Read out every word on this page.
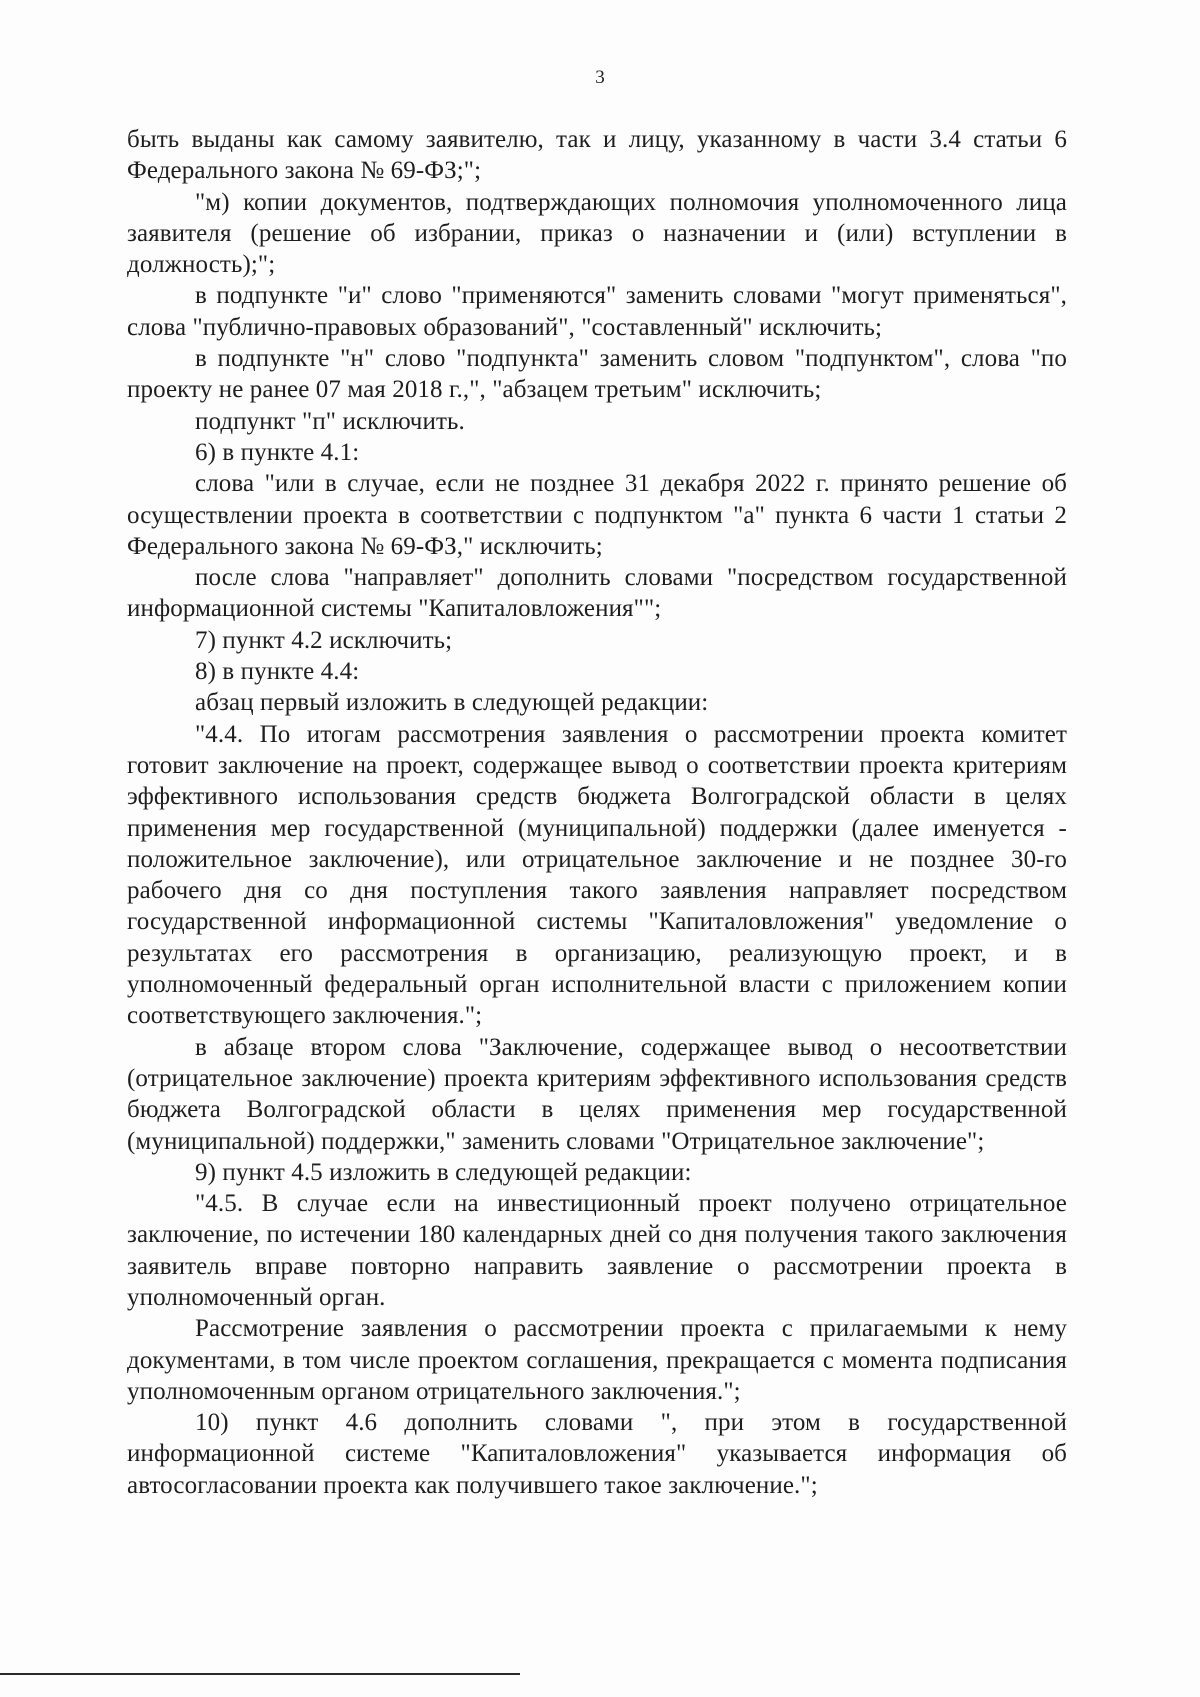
3

быть выданы как самому заявителю, так и лицу, указанному в части 3.4 статьи 6 Федерального закона № 69-ФЗ;";

"м) копии документов, подтверждающих полномочия уполномоченного лица заявителя (решение об избрании, приказ о назначении и (или) вступлении в должность);";

в подпункте "и" слово "применяются" заменить словами "могут применяться", слова "публично-правовых образований", "составленный" исключить;

в подпункте "н" слово "подпункта" заменить словом "подпунктом", слова "по проекту не ранее 07 мая 2018 г.,", "абзацем третьим" исключить;

подпункт "п" исключить.

6) в пункте 4.1:

слова "или в случае, если не позднее 31 декабря 2022 г. принято решение об осуществлении проекта в соответствии с подпунктом "а" пункта 6 части 1 статьи 2 Федерального закона № 69-ФЗ," исключить;

после слова "направляет" дополнить словами "посредством государственной информационной системы "Капиталовложения"";

7) пункт 4.2 исключить;

8) в пункте 4.4:

абзац первый изложить в следующей редакции:

"4.4. По итогам рассмотрения заявления о рассмотрении проекта комитет готовит заключение на проект, содержащее вывод о соответствии проекта критериям эффективного использования средств бюджета Волгоградской области в целях применения мер государственной (муниципальной) поддержки (далее именуется - положительное заключение), или отрицательное заключение и не позднее 30-го рабочего дня со дня поступления такого заявления направляет посредством государственной информационной системы "Капиталовложения" уведомление о результатах его рассмотрения в организацию, реализующую проект, и в уполномоченный федеральный орган исполнительной власти с приложением копии соответствующего заключения.";

в абзаце втором слова "Заключение, содержащее вывод о несоответствии (отрицательное заключение) проекта критериям эффективного использования средств бюджета Волгоградской области в целях применения мер государственной (муниципальной) поддержки," заменить словами "Отрицательное заключение";

9) пункт 4.5 изложить в следующей редакции:

"4.5. В случае если на инвестиционный проект получено отрицательное заключение, по истечении 180 календарных дней со дня получения такого заключения заявитель вправе повторно направить заявление о рассмотрении проекта в уполномоченный орган.

Рассмотрение заявления о рассмотрении проекта с прилагаемыми к нему документами, в том числе проектом соглашения, прекращается с момента подписания уполномоченным органом отрицательного заключения.";

10) пункт 4.6 дополнить словами ", при этом в государственной информационной системе "Капиталовложения" указывается информация об автосогласовании проекта как получившего такое заключение.";
